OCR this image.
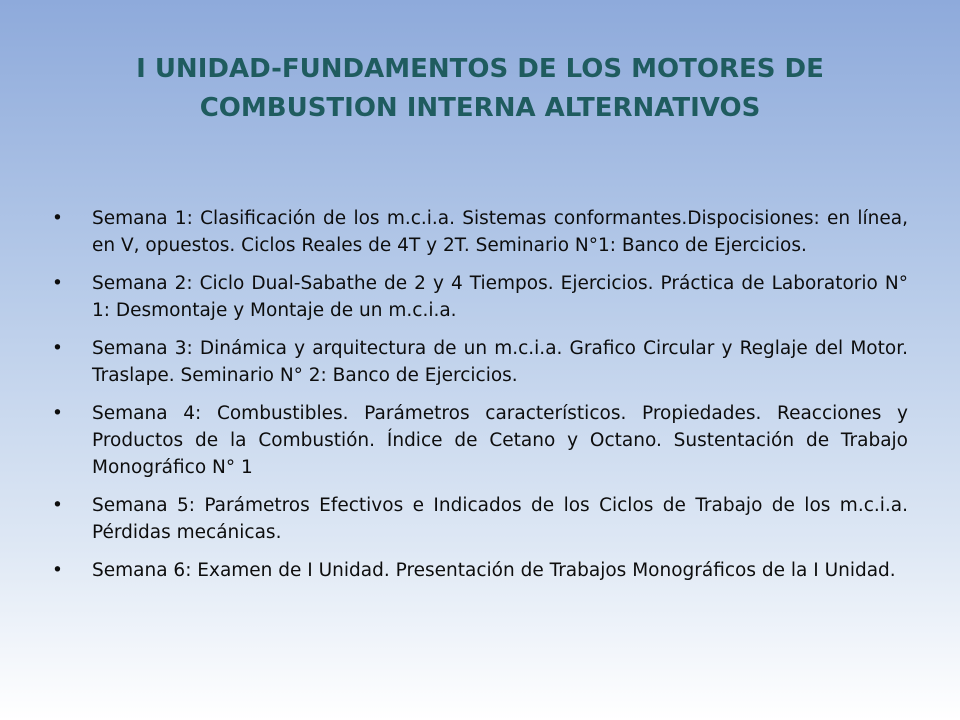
I UNIDAD-FUNDAMENTOS DE LOS MOTORES DE COMBUSTION INTERNA ALTERNATIVOS
•	Semana 1: Clasificación de los m.c.i.a. Sistemas conformantes.Dispocisiones: en línea, en V, opuestos. Ciclos Reales de 4T y 2T. Seminario N°1: Banco de Ejercicios.
•	Semana 2: Ciclo Dual-Sabathe de 2 y 4 Tiempos. Ejercicios. Práctica de Laboratorio N° 1: Desmontaje y Montaje de un m.c.i.a.
•	Semana 3: Dinámica y arquitectura de un m.c.i.a. Grafico Circular y Reglaje del Motor. Traslape. Seminario N° 2: Banco de Ejercicios.
•	Semana 4: Combustibles. Parámetros característicos. Propiedades. Reacciones y Productos de la Combustión. Índice de Cetano y Octano. Sustentación de Trabajo Monográfico N° 1
•	Semana 5: Parámetros Efectivos e Indicados de los Ciclos de Trabajo de los m.c.i.a. Pérdidas mecánicas.
•	Semana 6: Examen de I Unidad. Presentación de Trabajos Monográficos de la I Unidad.
